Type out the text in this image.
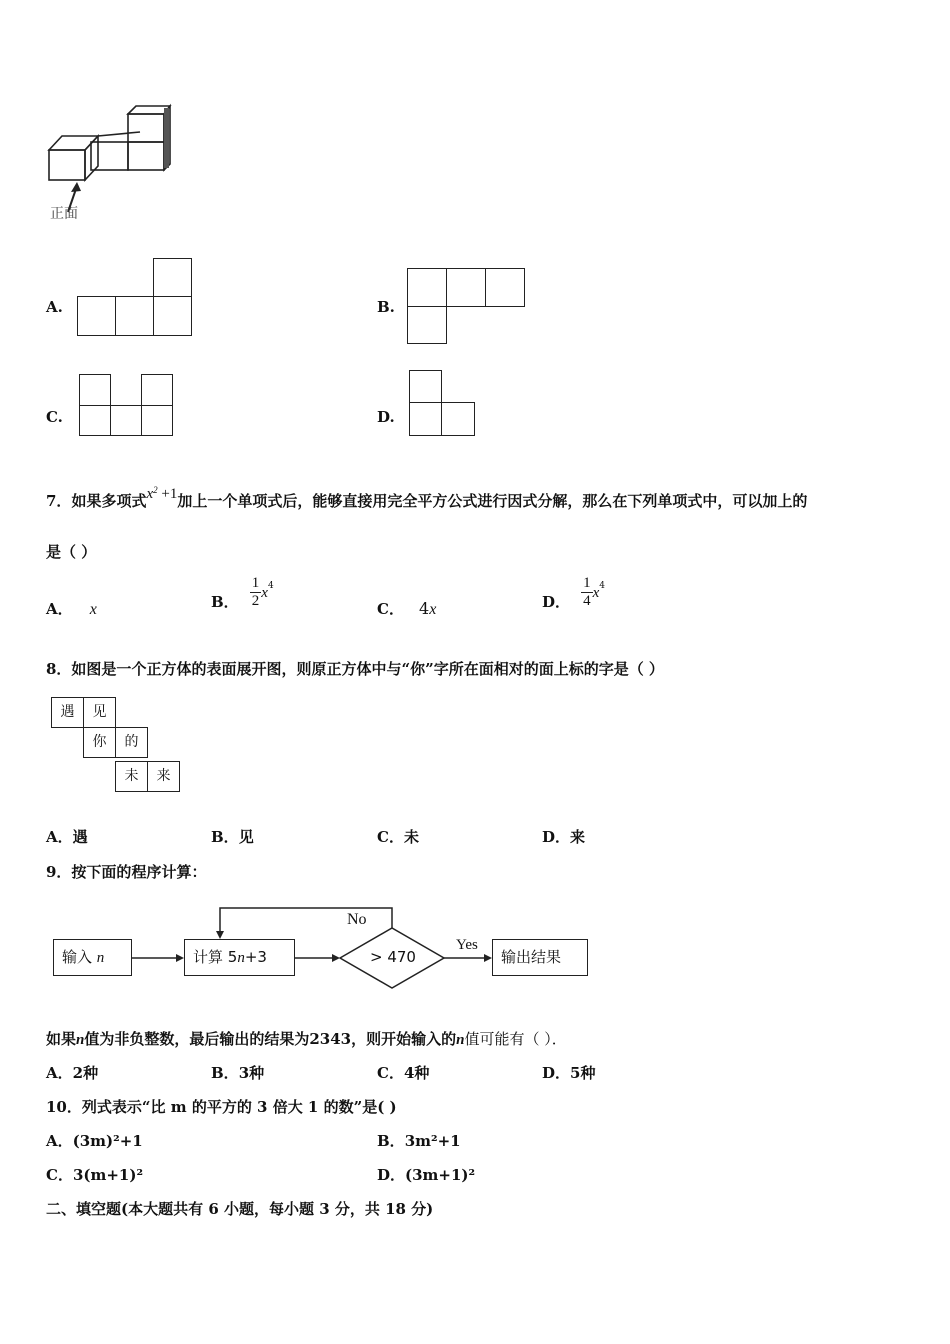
正面
A.	B.
C.	D.
7．如果多项式$x^2 +1$加上一个单项式后，能够直接用完全平方公式进行因式分解，那么在下列单项式中，可以加上的
是（ ）
A． x	B． $\frac{1}{2} x^4$
C． 4x	D． $\frac{1}{4} x^4$
8．如图是一个正方体的表面展开图，则原正方体中与“你”字所在面相对的面上标的字是（ ）
遇	见
你	的
未	来
A．遇	B．见	C．未	D．来
9．按下面的程序计算：
输入 n	计算 5n+3	输出结果
> 470
No
Yes
如果n值为非负整数，最后输出的结果为2343，则开始输入的n值可能有（ ）．
A．2种	B．3种	C．4种	D．5种
10．列式表示“比 m 的平方的 3 倍大 1 的数”是( )
A．(3m)²+1	B．3m²+1
C．3(m+1)²	D．(3m+1)²
二、填空题(本大题共有 6 小题，每小题 3 分，共 18 分)
